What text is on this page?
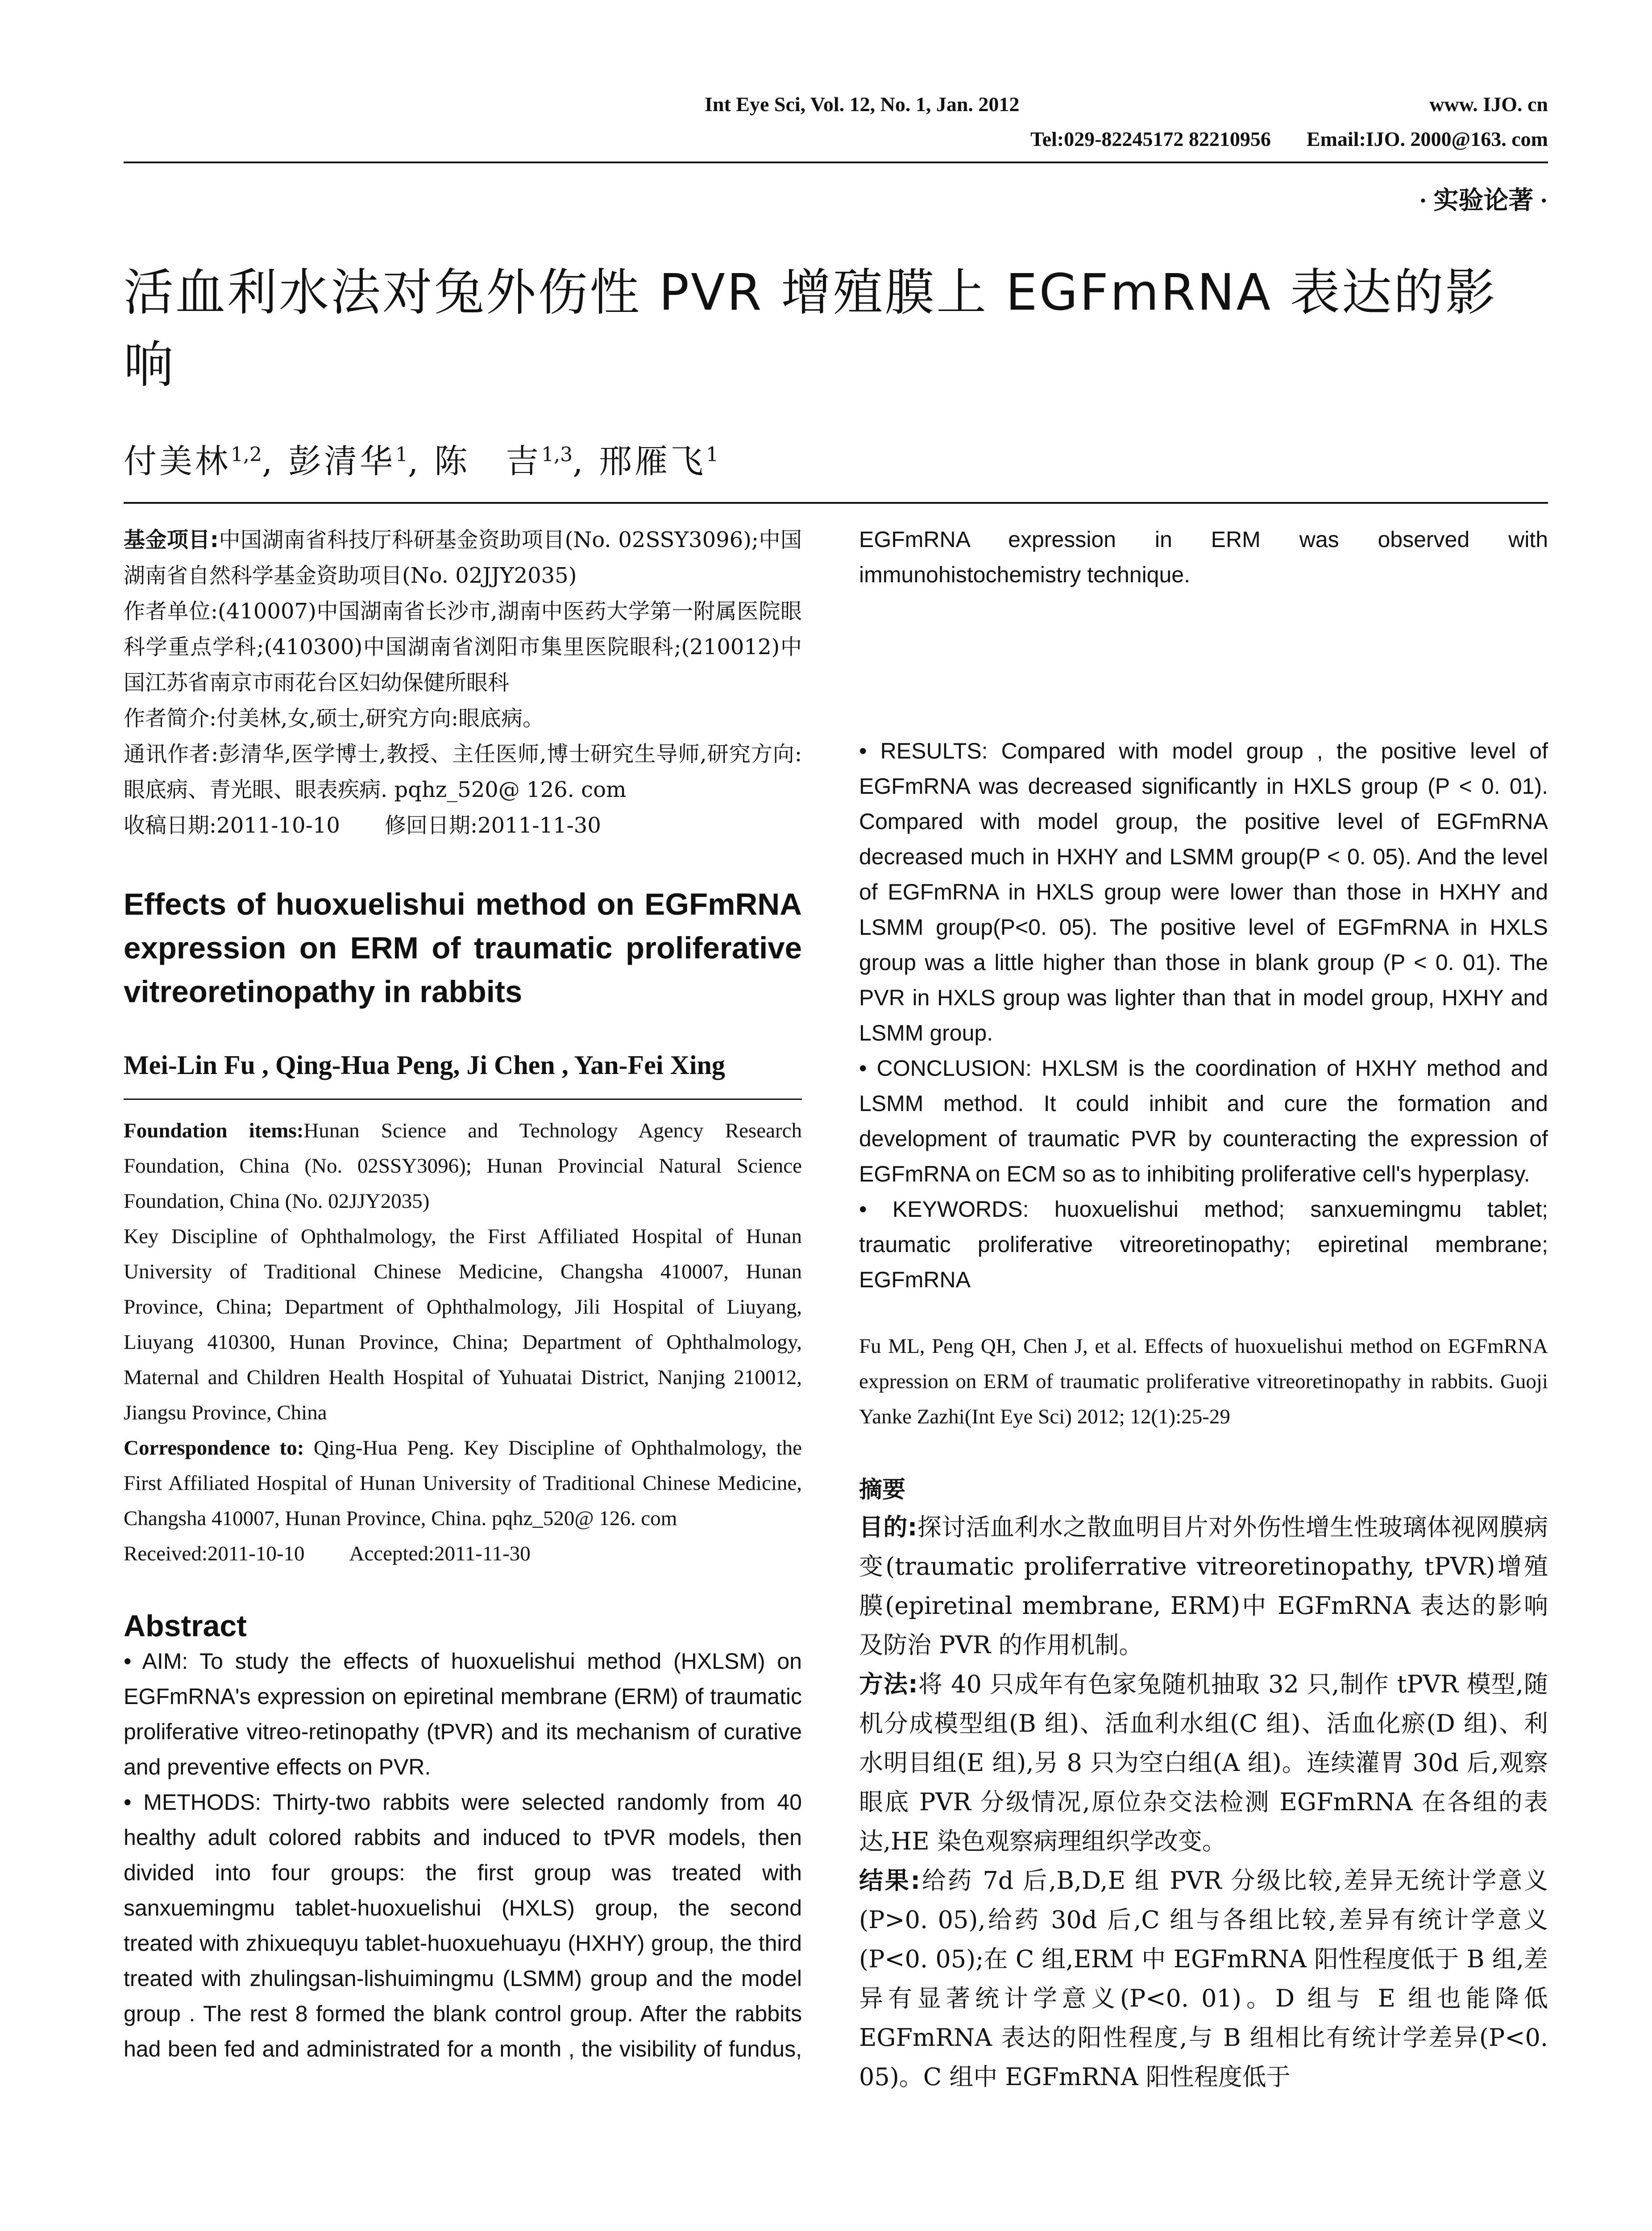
Int Eye Sci, Vol. 12, No. 1, Jan. 2012	www. IJO. cn
Tel:029-82245172 82210956 Email:IJO. 2000@163. com
· 实验论著 ·
活血利水法对兔外伤性 PVR 增殖膜上 EGFmRNA 表达的影响
付美林$^{1,2}$, 彭清华$^1$, 陈　吉$^{1,3}$, 邢雁飞$^1$

基金项目:中国湖南省科技厅科研基金资助项目(No. 02SSY3096);中国湖南省自然科学基金资助项目(No. 02JJY2035)

作者单位:(410007)中国湖南省长沙市,湖南中医药大学第一附属医院眼科学重点学科;(410300)中国湖南省浏阳市集里医院眼科;(210012)中国江苏省南京市雨花台区妇幼保健所眼科

作者简介:付美林,女,硕士,研究方向:眼底病。

通讯作者:彭清华,医学博士,教授、主任医师,博士研究生导师,研究方向:眼底病、青光眼、眼表疾病. pqhz_520@ 126. com

收稿日期:2011-10-10 修回日期:2011-11-30

Effects of huoxuelishui method on EGFmRNA expression on ERM of traumatic proliferative vitreoretinopathy in rabbits
Mei-Lin Fu , Qing-Hua Peng, Ji Chen , Yan-Fei Xing

Foundation items:Hunan Science and Technology Agency Research Foundation, China (No. 02SSY3096); Hunan Provincial Natural Science Foundation, China (No. 02JJY2035)

Key Discipline of Ophthalmology, the First Affiliated Hospital of Hunan University of Traditional Chinese Medicine, Changsha 410007, Hunan Province, China; Department of Ophthalmology, Jili Hospital of Liuyang, Liuyang 410300, Hunan Province, China; Department of Ophthalmology, Maternal and Children Health Hospital of Yuhuatai District, Nanjing 210012, Jiangsu Province, China

Correspondence to: Qing-Hua Peng. Key Discipline of Ophthalmology, the First Affiliated Hospital of Hunan University of Traditional Chinese Medicine, Changsha 410007, Hunan Province, China. pqhz_520@ 126. com

Received:2011-10-10 Accepted:2011-11-30

Abstract

• AIM: To study the effects of huoxuelishui method (HXLSM) on EGFmRNA's expression on epiretinal membrane (ERM) of traumatic proliferative vitreo-retinopathy (tPVR) and its mechanism of curative and preventive effects on PVR.

• METHODS: Thirty-two rabbits were selected randomly from 40 healthy adult colored rabbits and induced to tPVR models, then divided into four groups: the first group was treated with sanxuemingmu tablet-huoxuelishui (HXLS) group, the second treated with zhixuequyu tablet-huoxuehuayu (HXHY) group, the third treated with zhulingsan-lishuimingmu (LSMM) group and the model group . The rest 8 formed the blank control group. After the rabbits had been fed and administrated for a month , the visibility of fundus,

EGFmRNA expression in ERM was observed with immunohistochemistry technique.

• RESULTS: Compared with model group , the positive level of EGFmRNA was decreased significantly in HXLS group (P < 0. 01). Compared with model group, the positive level of EGFmRNA decreased much in HXHY and LSMM group(P < 0. 05). And the level of EGFmRNA in HXLS group were lower than those in HXHY and LSMM group(P<0. 05). The positive level of EGFmRNA in HXLS group was a little higher than those in blank group (P < 0. 01). The PVR in HXLS group was lighter than that in model group, HXHY and LSMM group.

• CONCLUSION: HXLSM is the coordination of HXHY method and LSMM method. It could inhibit and cure the formation and development of traumatic PVR by counteracting the expression of EGFmRNA on ECM so as to inhibiting proliferative cell's hyperplasy.

• KEYWORDS: huoxuelishui method; sanxuemingmu tablet; traumatic proliferative vitreoretinopathy; epiretinal membrane; EGFmRNA

Fu ML, Peng QH, Chen J, et al. Effects of huoxuelishui method on EGFmRNA expression on ERM of traumatic proliferative vitreoretinopathy in rabbits. Guoji Yanke Zazhi(Int Eye Sci) 2012; 12(1):25-29
摘要

目的:探讨活血利水之散血明目片对外伤性增生性玻璃体视网膜病变(traumatic proliferrative vitreoretinopathy, tPVR)增殖膜(epiretinal membrane, ERM)中 EGFmRNA 表达的影响及防治 PVR 的作用机制。

方法:将 40 只成年有色家兔随机抽取 32 只,制作 tPVR 模型,随机分成模型组(B 组)、活血利水组(C 组)、活血化瘀(D 组)、利水明目组(E 组),另 8 只为空白组(A 组)。连续灌胃 30d 后,观察眼底 PVR 分级情况,原位杂交法检测 EGFmRNA 在各组的表达,HE 染色观察病理组织学改变。

结果:给药 7d 后,B,D,E 组 PVR 分级比较,差异无统计学意义(P>0. 05),给药 30d 后,C 组与各组比较,差异有统计学意义(P<0. 05);在 C 组,ERM 中 EGFmRNA 阳性程度低于 B 组,差异有显著统计学意义(P<0. 01)。D 组与 E 组也能降低 EGFmRNA 表达的阳性程度,与 B 组相比有统计学差异(P<0. 05)。C 组中 EGFmRNA 阳性程度低于
